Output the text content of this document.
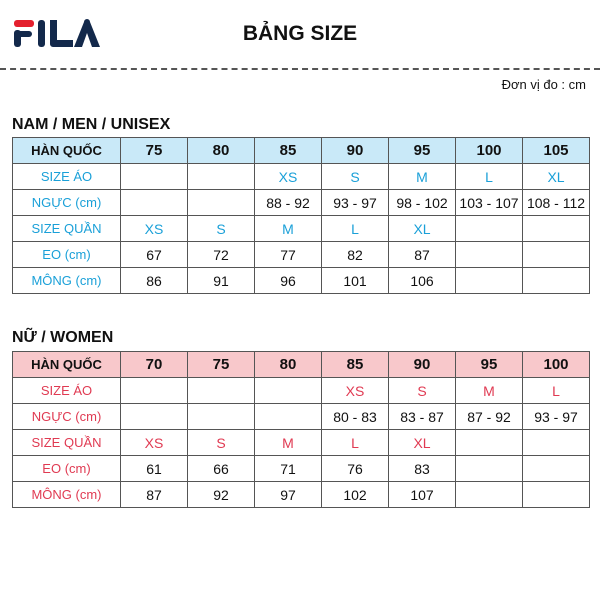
BẢNG SIZE
Đơn vị đo : cm
NAM / MEN / UNISEX
HÀN QUỐC	75	80	85	90	95	100	105
SIZE ÁO			XS	S	M	L	XL
NGỰC (cm)			88 - 92	93 - 97	98 - 102	103 - 107	108 - 112
SIZE QUẦN	XS	S	M	L	XL		
EO (cm)	67	72	77	82	87		
MÔNG (cm)	86	91	96	101	106		
NỮ / WOMEN
HÀN QUỐC	70	75	80	85	90	95	100
SIZE ÁO				XS	S	M	L
NGỰC (cm)				80 - 83	83 - 87	87 - 92	93 - 97
SIZE QUẦN	XS	S	M	L	XL		
EO (cm)	61	66	71	76	83		
MÔNG (cm)	87	92	97	102	107		
